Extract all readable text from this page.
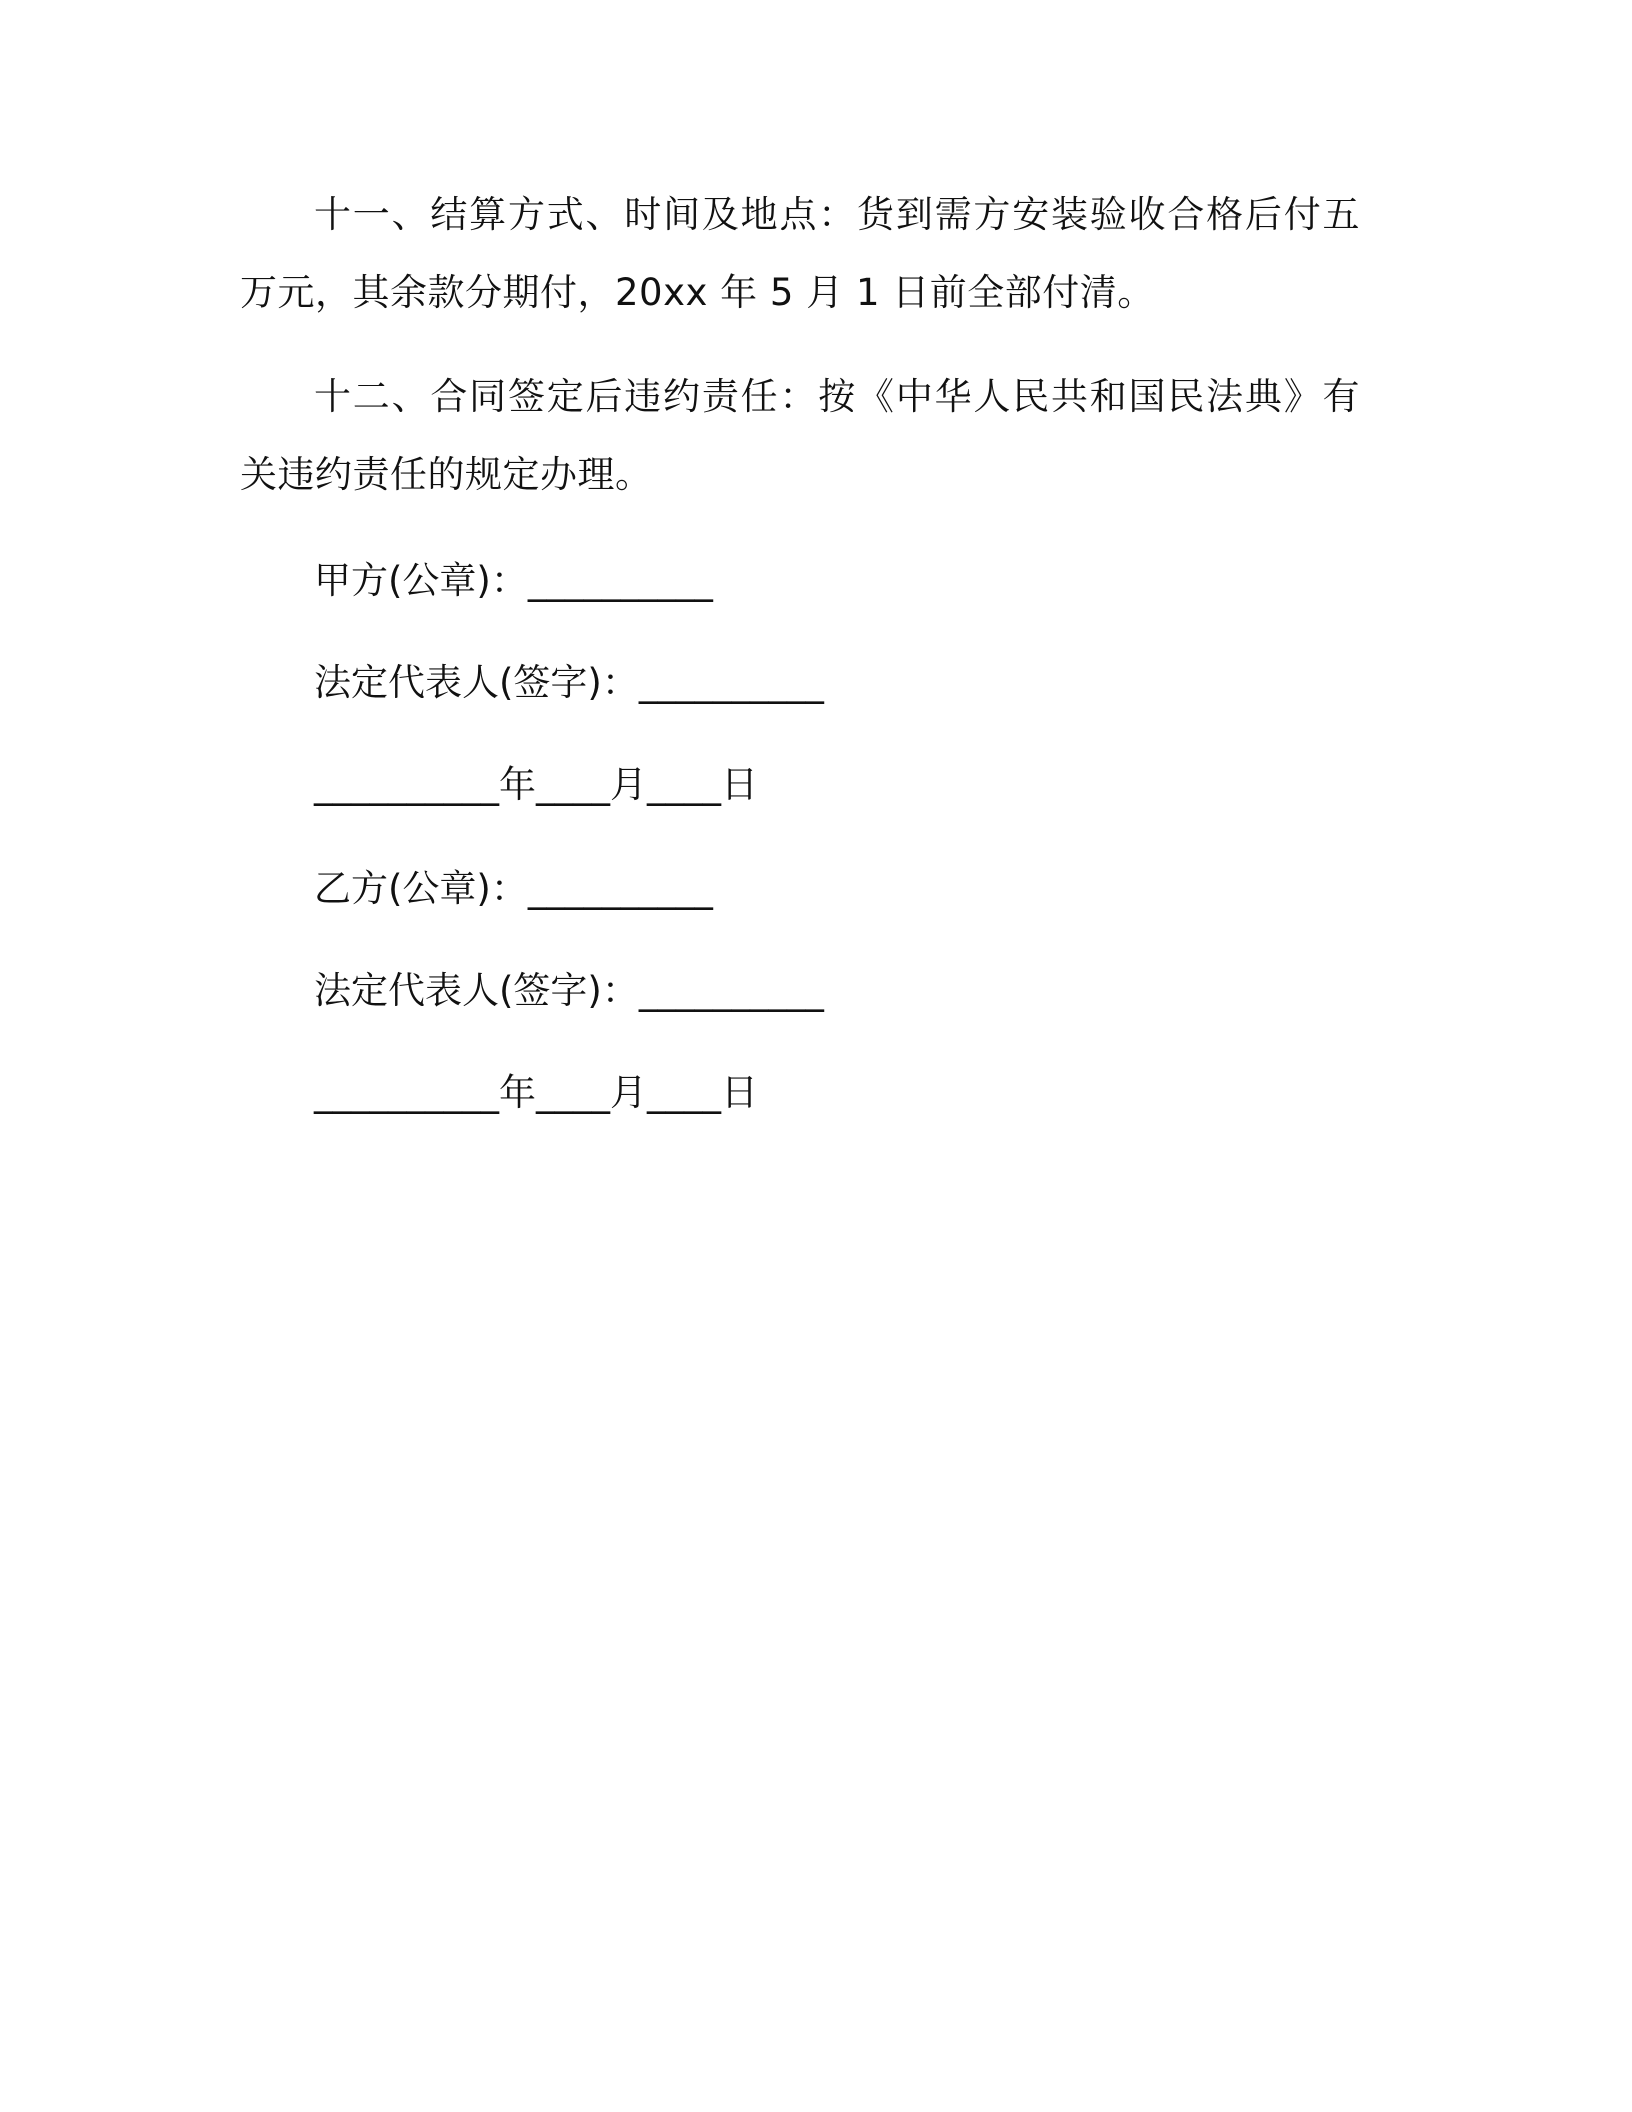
十一、结算方式、时间及地点：货到需方安装验收合格后付五万元，其余款分期付，20xx 年 5 月 1 日前全部付清。

十二、合同签定后违约责任：按《中华人民共和国民法典》有关违约责任的规定办理。

甲方(公章)：__________
法定代表人(签字)：__________
__________年____月____日
乙方(公章)：__________
法定代表人(签字)：__________
__________年____月____日
